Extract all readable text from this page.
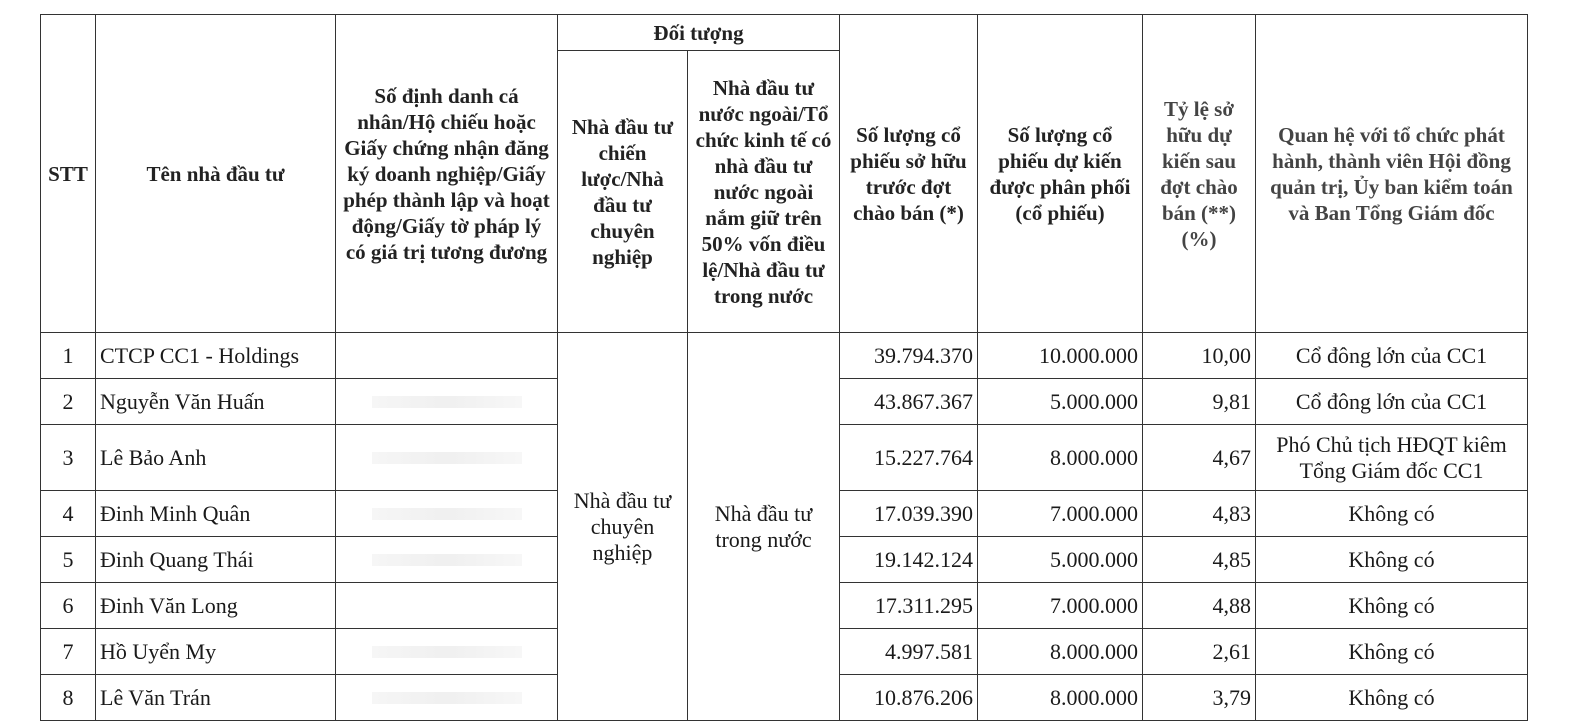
STT	Tên nhà đầu tư	Số định danh cá nhân/Hộ chiếu hoặc Giấy chứng nhận đăng ký doanh nghiệp/Giấy phép thành lập và hoạt động/Giấy tờ pháp lý có giá trị tương đương	Đối tượng		Số lượng cổ phiếu sở hữu trước đợt chào bán (*)	Số lượng cổ phiếu dự kiến được phân phối (cổ phiếu)	Tỷ lệ sở hữu dự kiến sau đợt chào bán (**) (%)	Quan hệ với tổ chức phát hành, thành viên Hội đồng quản trị, Ủy ban kiểm toán và Ban Tổng Giám đốc
			Nhà đầu tư chiến lược/Nhà đầu tư chuyên nghiệp	Nhà đầu tư nước ngoài/Tổ chức kinh tế có nhà đầu tư nước ngoài nắm giữ trên 50% vốn điều lệ/Nhà đầu tư trong nước				
1	CTCP CC1 - Holdings		Nhà đầu tư chuyên nghiệp	Nhà đầu tư trong nước	39.794.370	10.000.000	10,00	Cổ đông lớn của CC1
2	Nguyễn Văn Huấn				43.867.367	5.000.000	9,81	Cổ đông lớn của CC1
3	Lê Bảo Anh				15.227.764	8.000.000	4,67	Phó Chủ tịch HĐQT kiêm Tổng Giám đốc CC1
4	Đinh Minh Quân				17.039.390	7.000.000	4,83	Không có
5	Đinh Quang Thái				19.142.124	5.000.000	4,85	Không có
6	Đinh Văn Long				17.311.295	7.000.000	4,88	Không có
7	Hồ Uyển My				4.997.581	8.000.000	2,61	Không có
8	Lê Văn Trán				10.876.206	8.000.000	3,79	Không có
